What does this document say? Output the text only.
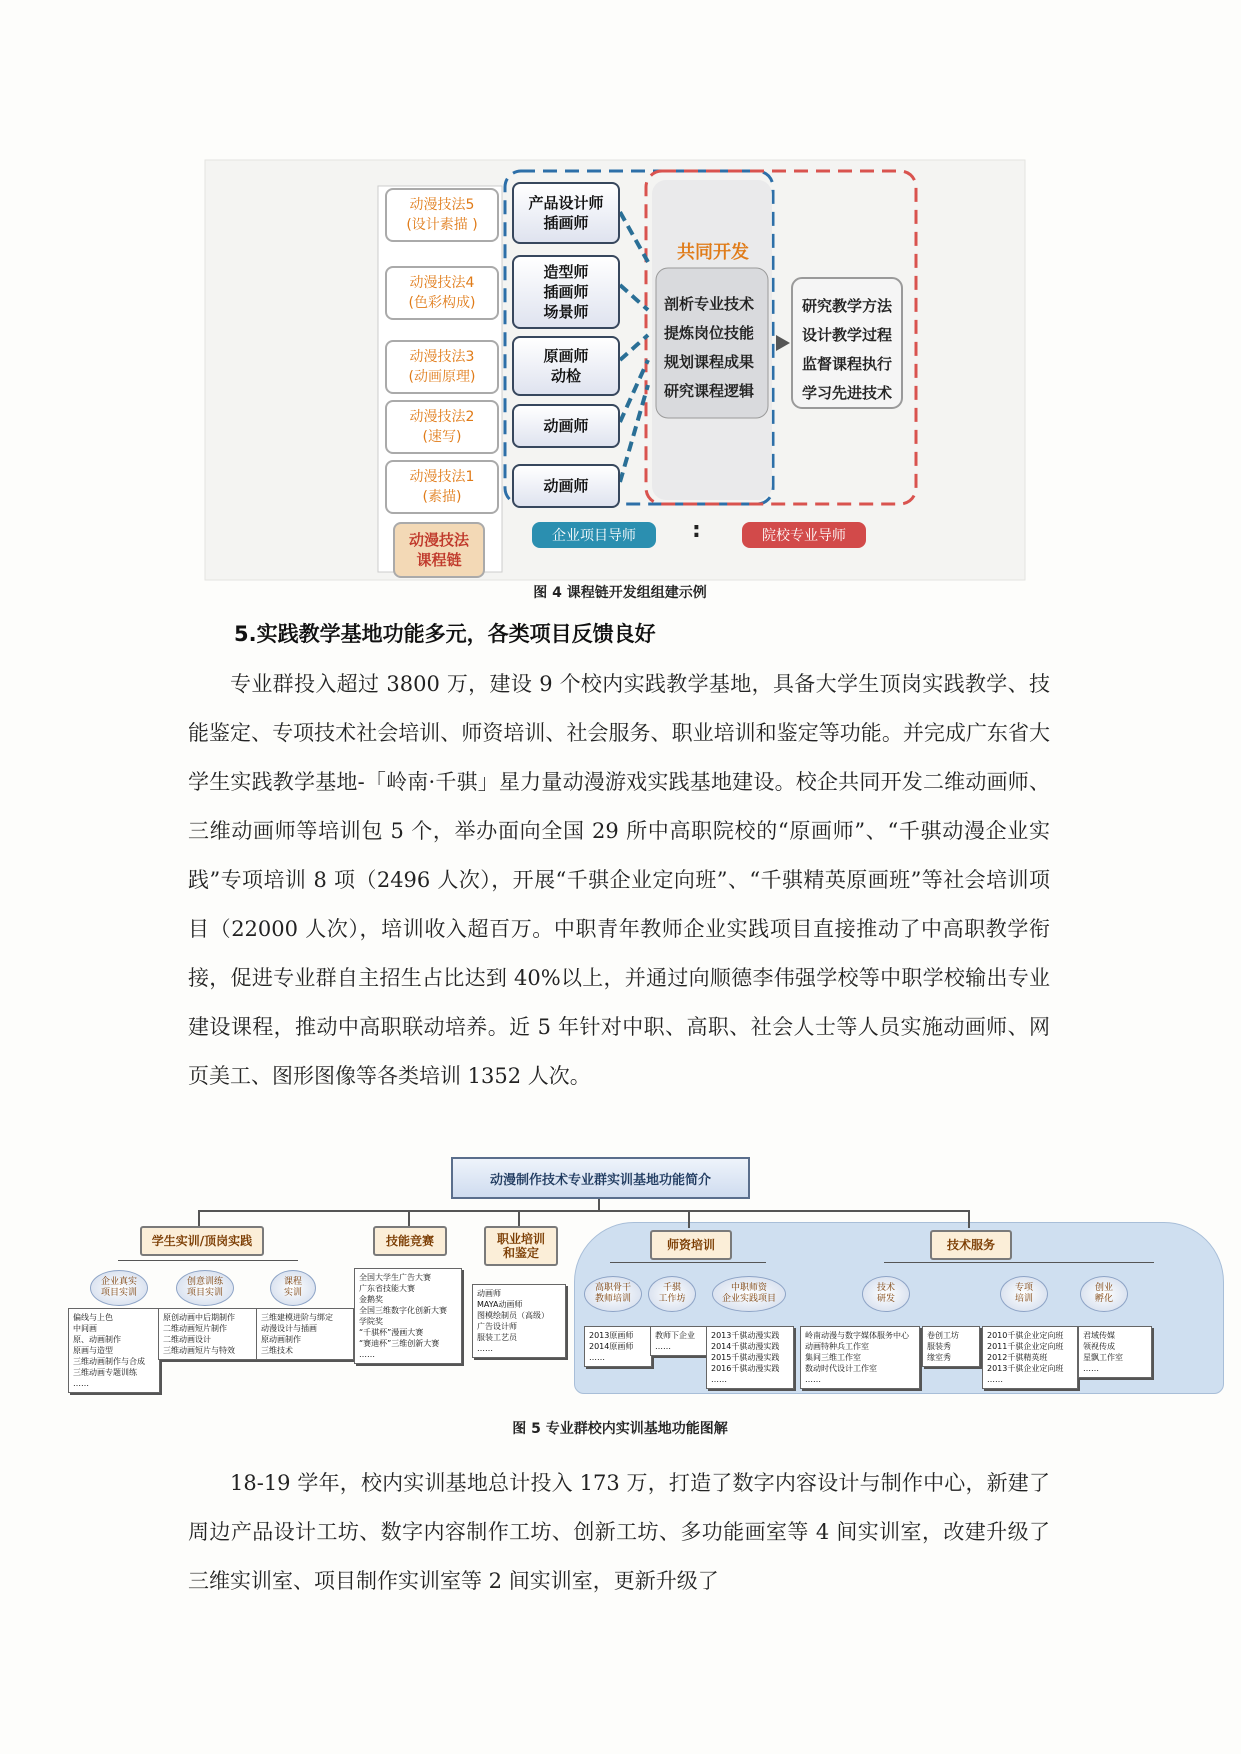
动漫技法5
(设计素描 )
动漫技法4
(色彩构成)
动漫技法3
(动画原理)
动漫技法2
(速写)
动漫技法1
(素描)
动漫技法
课程链
产品设计师
插画师
造型师
插画师
场景师
原画师
动检
动画师
动画师
共同开发
剖析专业技术
提炼岗位技能
规划课程成果
研究课程逻辑
研究教学方法
设计教学过程
监督课程执行
学习先进技术
企业项目导师	:	院校专业导师
图 4 课程链开发组组建示例
5.实践教学基地功能多元，各类项目反馈良好
专业群投入超过 3800 万，建设 9 个校内实践教学基地，具备大学生顶岗实践教学、技能鉴定、专项技术社会培训、师资培训、社会服务、职业培训和鉴定等功能。并完成广东省大学生实践教学基地-「岭南·千骐」星力量动漫游戏实践基地建设。校企共同开发二维动画师、三维动画师等培训包 5 个，举办面向全国 29 所中高职院校的“原画师”、“千骐动漫企业实践”专项培训 8 项（2496 人次），开展“千骐企业定向班”、“千骐精英原画班”等社会培训项目（22000 人次），培训收入超百万。中职青年教师企业实践项目直接推动了中高职教学衔接，促进专业群自主招生占比达到 40%以上，并通过向顺德李伟强学校等中职学校输出专业建设课程，推动中高职联动培养。近 5 年针对中职、高职、社会人士等人员实施动画师、网页美工、图形图像等各类培训 1352 人次。
动漫制作技术专业群实训基地功能简介
学生实训/顶岗实践	技能竞赛	职业培训
和鉴定
师资培训	技术服务
企业真实
项目实训
创意训练
项目实训
课程
实训
偏线与上色
中间画
原、动画制作
原画与造型
三维动画制作与合成
三维动画专题训练
……
原创动画中后期制作
二维动画短片制作
二维动画设计
三维动画短片与特效
三维建模进阶与绑定
动漫设计与插画
原动画制作
三维技术
全国大学生广告大赛
广东省技能大赛
金鹅奖
全国三维数字化创新大赛
学院奖
“千骐杯”漫画大赛
“赛迪杯”三维创新大赛
……
动画师
MAYA动画师
图模绘制员（高级）
广告设计师
服装工艺员
……
高职骨干
教师培训
千骐
工作坊
中职师资
企业实践项目
2013原画师
2014原画师
……
教师下企业
……
2013千骐动漫实践
2014千骐动漫实践
2015千骐动漫实践
2016千骐动漫实践
……
技术
研发
专项
培训
创业
孵化
岭南动漫与数字媒体服务中心
动画特种兵工作室
集间三维工作室
数动时代设计工作室
……
卷创工坊
服装秀
缘室秀
2010千骐企业定向班
2011千骐企业定向班
2012千骐精英班
2013千骐企业定向班
……
君域传媒
领视传成
星飘工作室
……
图 5 专业群校内实训基地功能图解
18-19 学年，校内实训基地总计投入 173 万，打造了数字内容设计与制作中心，新建了周边产品设计工坊、数字内容制作工坊、创新工坊、多功能画室等 4 间实训室，改建升级了三维实训室、项目制作实训室等 2 间实训室，更新升级了
